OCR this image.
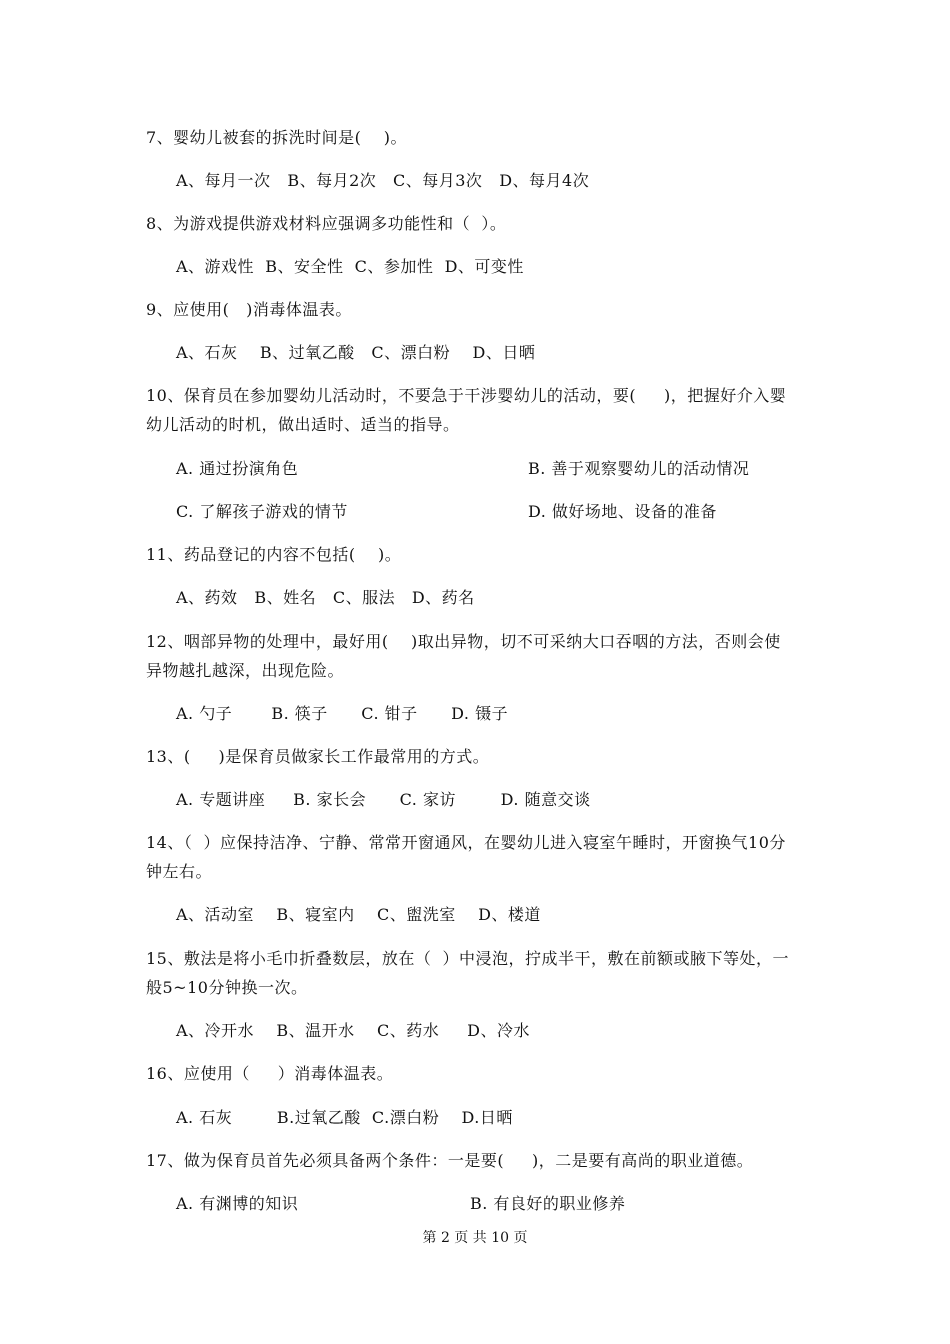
7、婴幼儿被套的拆洗时间是(    )。
A、每月一次   B、每月2次   C、每月3次   D、每月4次
8、为游戏提供游戏材料应强调多功能性和（  ）。
A、游戏性  B、安全性  C、参加性  D、可变性
9、应使用(   )消毒体温表。
A、石灰    B、过氧乙酸   C、漂白粉    D、日晒
10、保育员在参加婴幼儿活动时，不要急于干涉婴幼儿的活动，要(     )，把握好介入婴
幼儿活动的时机，做出适时、适当的指导。
A. 通过扮演角色	B. 善于观察婴幼儿的活动情况
C. 了解孩子游戏的情节	D. 做好场地、设备的准备
11、药品登记的内容不包括(    )。
A、药效   B、姓名   C、服法   D、药名
12、咽部异物的处理中，最好用(    )取出异物，切不可采纳大口吞咽的方法，否则会使
异物越扎越深，出现危险。
A. 勺子       B. 筷子      C. 钳子      D. 镊子
13、(     )是保育员做家长工作最常用的方式。
A. 专题讲座     B. 家长会      C. 家访        D. 随意交谈
14、（  ）应保持洁净、宁静、常常开窗通风，在婴幼儿进入寝室午睡时，开窗换气10分
钟左右。
A、活动室    B、寝室内    C、盥洗室    D、楼道
15、敷法是将小毛巾折叠数层，放在（  ）中浸泡，拧成半干，敷在前额或腋下等处，一
般5~10分钟换一次。
A、冷开水    B、温开水    C、药水     D、冷水
16、应使用（     ）消毒体温表。
A. 石灰        B.过氧乙酸  C.漂白粉    D.日晒
17、做为保育员首先必须具备两个条件：一是要(     )，二是要有高尚的职业道德。
A. 有渊博的知识	B. 有良好的职业修养
第 2 页 共 10 页
